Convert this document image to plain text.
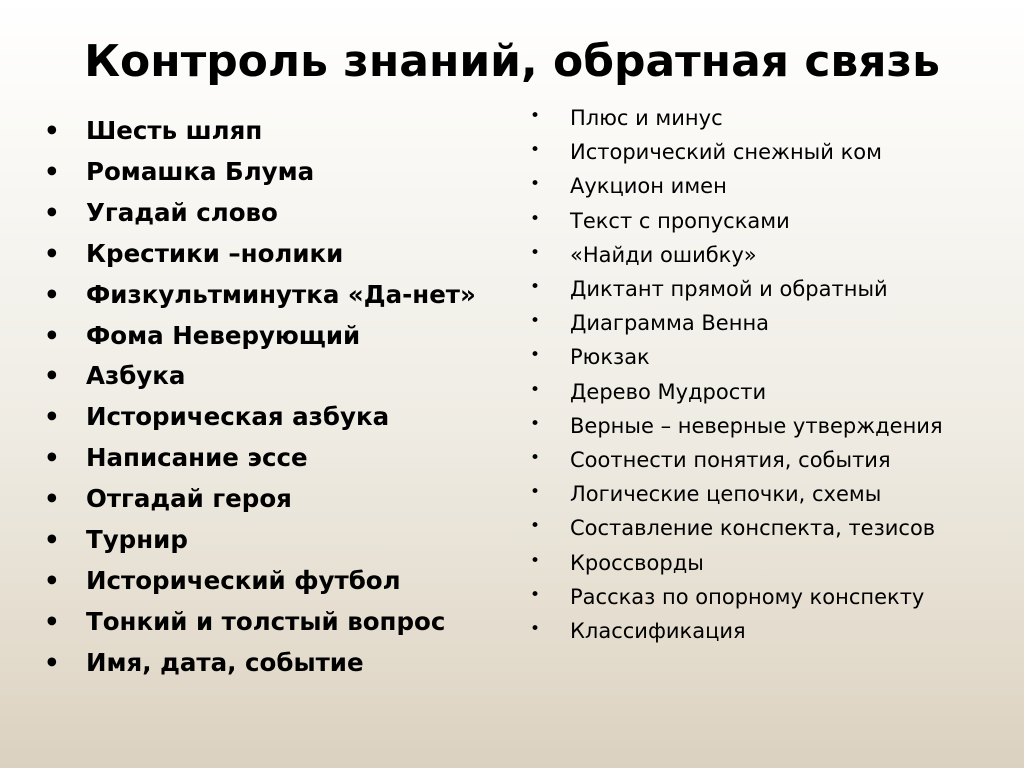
Контроль знаний, обратная связь
• Шесть шляп
• Ромашка Блума
• Угадай слово
• Крестики –нолики
• Физкультминутка «Да-нет»
• Фома Неверующий
• Азбука
• Историческая азбука
• Написание эссе
• Отгадай героя
• Турнир
• Исторический футбол
• Тонкий и толстый вопрос
• Имя, дата, событие
• Плюс и минус
• Исторический снежный ком
• Аукцион имен
• Текст с пропусками
• «Найди ошибку»
• Диктант прямой и обратный
• Диаграмма Венна
• Рюкзак
• Дерево Мудрости
• Верные – неверные утверждения
• Соотнести понятия, события
• Логические цепочки, схемы
• Составление конспекта, тезисов
• Кроссворды
• Рассказ по опорному конспекту
• Классификация
